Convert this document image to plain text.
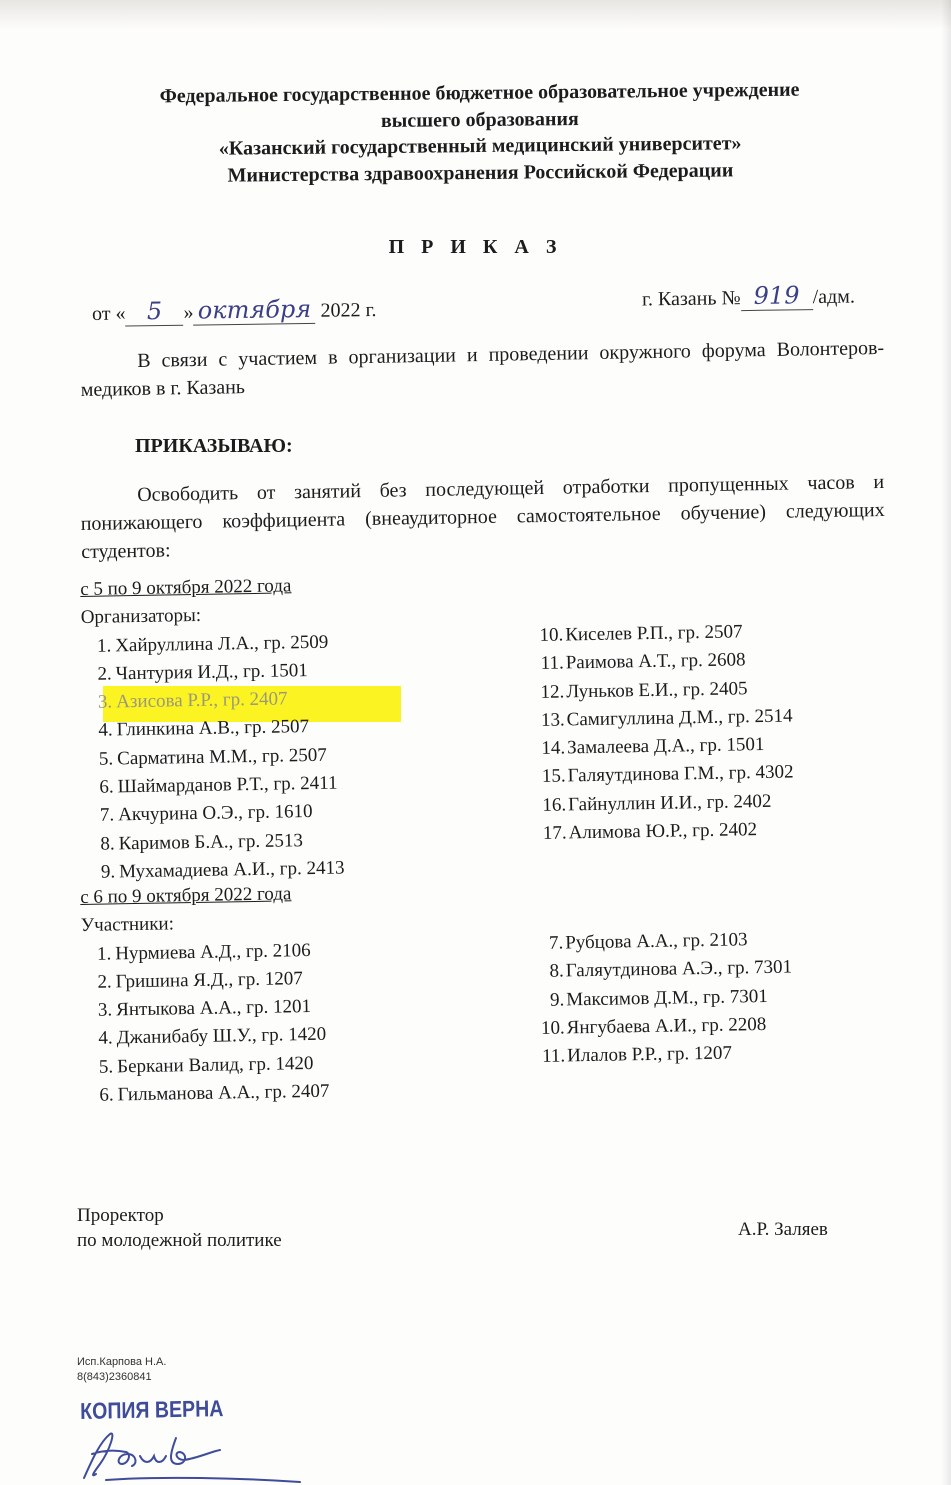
Федеральное государственное бюджетное образовательное учреждение
высшего образования
«Казанский государственный медицинский университет»
Министерства здравоохранения Российской Федерации
П Р И К А З
от « 5 » октября 2022 г.	г. Казань № 919 /адм.
В связи с участием в организации и проведении окружного форума Волонтеров-
медиков в г. Казань
ПРИКАЗЫВАЮ:
Освободить от занятий без последующей отработки пропущенных часов и
понижающего коэффициента (внеаудиторное самостоятельное обучение) следующих
студентов:
с 5 по 9 октября 2022 года
Организаторы:
1. Хайруллина Л.А., гр. 2509
2. Чантурия И.Д., гр. 1501
3. Азисова Р.Р., гр. 2407
4. Глинкина А.В., гр. 2507
5. Сарматина М.М., гр. 2507
6. Шаймарданов Р.Т., гр. 2411
7. Акчурина О.Э., гр. 1610
8. Каримов Б.А., гр. 2513
9. Мухамадиева А.И., гр. 2413
10.Киселев Р.П., гр. 2507
11.Раимова А.Т., гр. 2608
12.Луньков Е.И., гр. 2405
13.Самигуллина Д.М., гр. 2514
14.Замалеева Д.А., гр. 1501
15.Галяутдинова Г.М., гр. 4302
16.Гайнуллин И.И., гр. 2402
17.Алимова Ю.Р., гр. 2402
с 6 по 9 октября 2022 года
Участники:
1. Нурмиева А.Д., гр. 2106
2. Гришина Я.Д., гр. 1207
3. Янтыкова А.А., гр. 1201
4. Джанибабу Ш.У., гр. 1420
5. Беркани Валид, гр. 1420
6. Гильманова А.А., гр. 2407
7.Рубцова А.А., гр. 2103
8.Галяутдинова А.Э., гр. 7301
9.Максимов Д.М., гр. 7301
10.Янгубаева А.И., гр. 2208
11.Илалов Р.Р., гр. 1207
Проректор
по молодежной политике
А.Р. Заляев
Исп.Карпова Н.А.
8(843)2360841
КОПИЯ ВЕРНА
